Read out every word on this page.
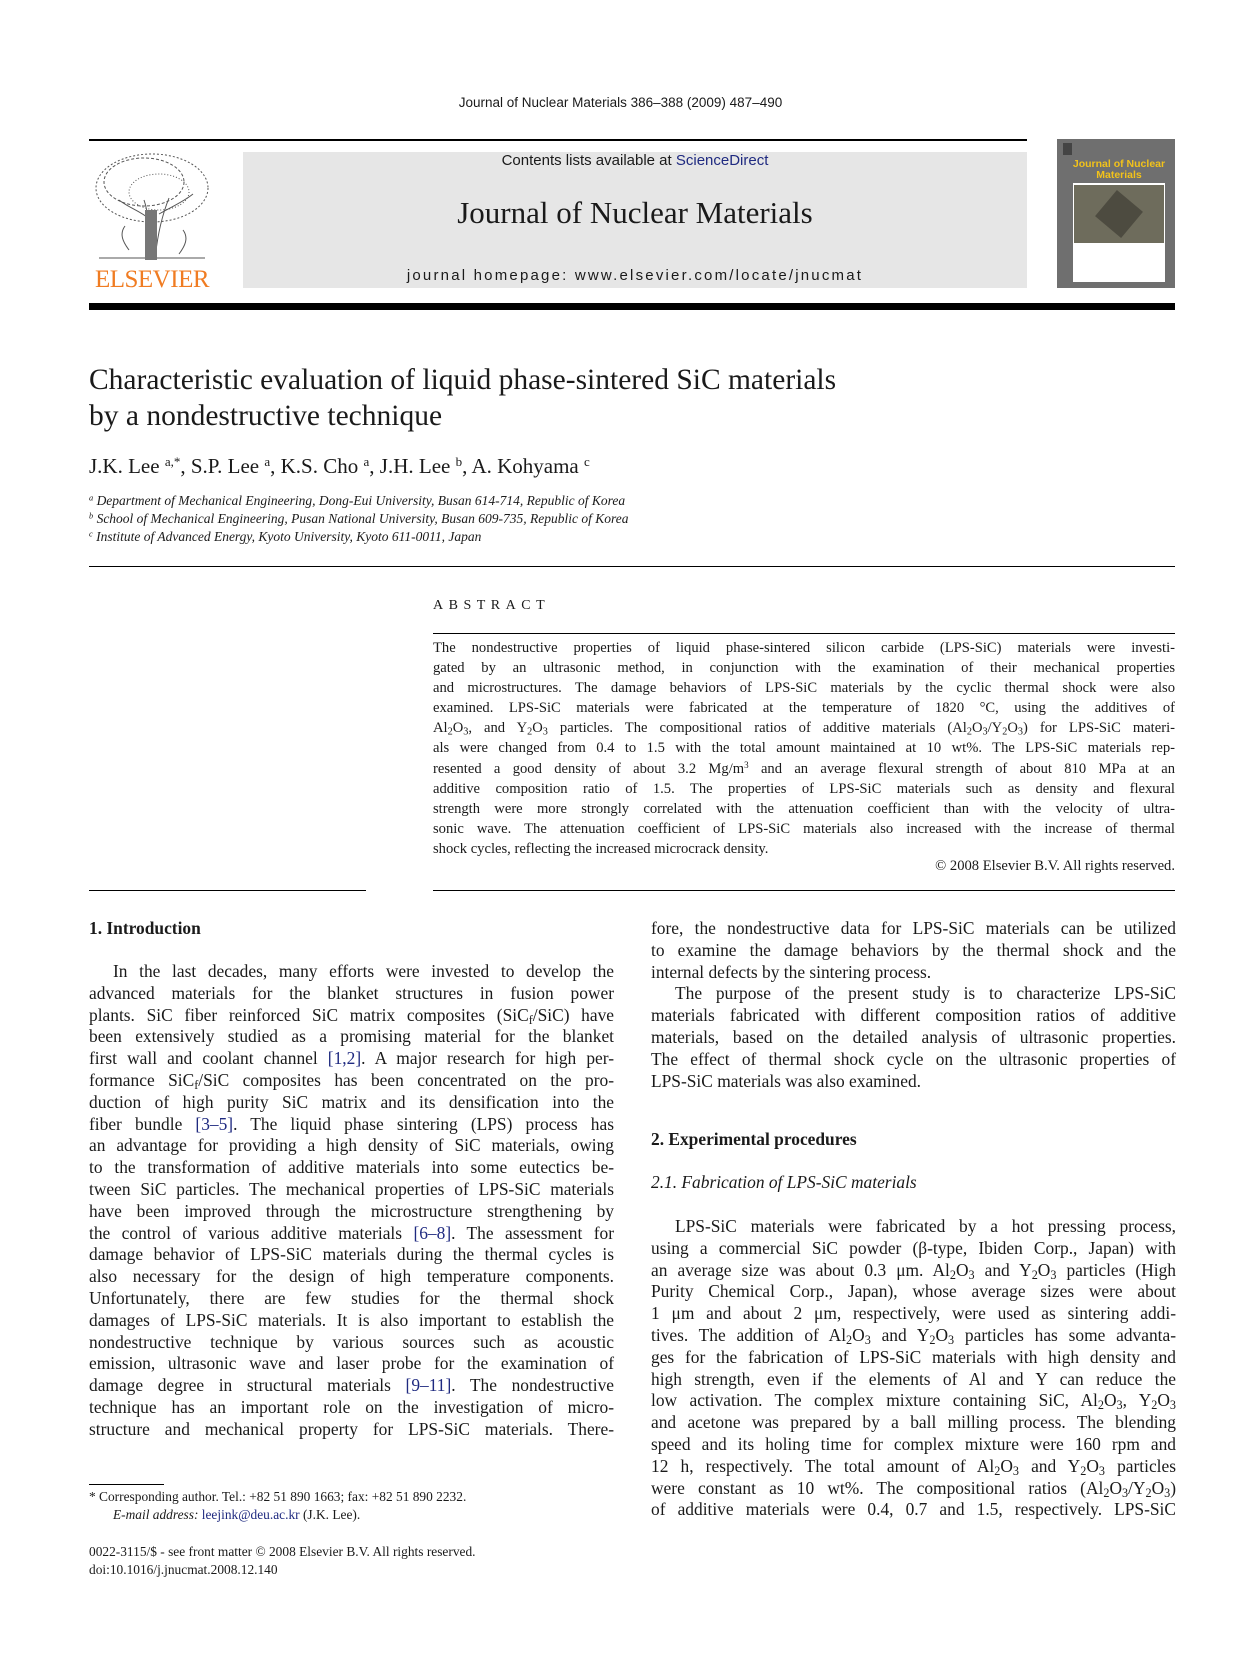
Journal of Nuclear Materials 386–388 (2009) 487–490
ELSEVIER
Contents lists available at ScienceDirect
Journal of Nuclear Materials
journal homepage: www.elsevier.com/locate/jnucmat
Journal of Nuclear Materials
Characteristic evaluation of liquid phase-sintered SiC materials
by a nondestructive technique
J.K. Lee $^{a,*}$, S.P. Lee $^a$, K.S. Cho $^a$, J.H. Lee $^b$, A. Kohyama $^c$
$^a$ Department of Mechanical Engineering, Dong-Eui University, Busan 614-714, Republic of Korea
$^b$ School of Mechanical Engineering, Pusan National University, Busan 609-735, Republic of Korea
$^c$ Institute of Advanced Energy, Kyoto University, Kyoto 611-0011, Japan
ABSTRACT
The nondestructive properties of liquid phase-sintered silicon carbide (LPS-SiC) materials were investi-
gated by an ultrasonic method, in conjunction with the examination of their mechanical properties
and microstructures. The damage behaviors of LPS-SiC materials by the cyclic thermal shock were also
examined. LPS-SiC materials were fabricated at the temperature of 1820 °C, using the additives of
$Al_2O_3$, and $Y_2O_3$ particles. The compositional ratios of additive materials $(Al_2O_3/Y_2O_3)$ for LPS-SiC materi-
als were changed from 0.4 to 1.5 with the total amount maintained at 10 wt%. The LPS-SiC materials rep-
resented a good density of about 3.2 $Mg/m^3$ and an average flexural strength of about 810 MPa at an
additive composition ratio of 1.5. The properties of LPS-SiC materials such as density and flexural
strength were more strongly correlated with the attenuation coefficient than with the velocity of ultra-
sonic wave. The attenuation coefficient of LPS-SiC materials also increased with the increase of thermal
shock cycles, reflecting the increased microcrack density.
© 2008 Elsevier B.V. All rights reserved.
1. Introduction
In the last decades, many efforts were invested to develop the
advanced materials for the blanket structures in fusion power
plants. SiC fiber reinforced SiC matrix composites (SiC$_f$/SiC) have
been extensively studied as a promising material for the blanket
first wall and coolant channel [1,2]. A major research for high per-
formance SiC$_f$/SiC composites has been concentrated on the pro-
duction of high purity SiC matrix and its densification into the
fiber bundle [3–5]. The liquid phase sintering (LPS) process has
an advantage for providing a high density of SiC materials, owing
to the transformation of additive materials into some eutectics be-
tween SiC particles. The mechanical properties of LPS-SiC materials
have been improved through the microstructure strengthening by
the control of various additive materials [6–8]. The assessment for
damage behavior of LPS-SiC materials during the thermal cycles is
also necessary for the design of high temperature components.
Unfortunately, there are few studies for the thermal shock
damages of LPS-SiC materials. It is also important to establish the
nondestructive technique by various sources such as acoustic
emission, ultrasonic wave and laser probe for the examination of
damage degree in structural materials [9–11]. The nondestructive
technique has an important role on the investigation of micro-
structure and mechanical property for LPS-SiC materials. There-
fore, the nondestructive data for LPS-SiC materials can be utilized
to examine the damage behaviors by the thermal shock and the
internal defects by the sintering process.
The purpose of the present study is to characterize LPS-SiC
materials fabricated with different composition ratios of additive
materials, based on the detailed analysis of ultrasonic properties.
The effect of thermal shock cycle on the ultrasonic properties of
LPS-SiC materials was also examined.
2. Experimental procedures
2.1. Fabrication of LPS-SiC materials
LPS-SiC materials were fabricated by a hot pressing process,
using a commercial SiC powder (β-type, Ibiden Corp., Japan) with
an average size was about 0.3 μm. $Al_2O_3$ and $Y_2O_3$ particles (High
Purity Chemical Corp., Japan), whose average sizes were about
1 μm and about 2 μm, respectively, were used as sintering addi-
tives. The addition of $Al_2O_3$ and $Y_2O_3$ particles has some advanta-
ges for the fabrication of LPS-SiC materials with high density and
high strength, even if the elements of Al and Y can reduce the
low activation. The complex mixture containing SiC, $Al_2O_3$, $Y_2O_3$
and acetone was prepared by a ball milling process. The blending
speed and its holing time for complex mixture were 160 rpm and
12 h, respectively. The total amount of $Al_2O_3$ and $Y_2O_3$ particles
were constant as 10 wt%. The compositional ratios $(Al_2O_3/Y_2O_3)$
of additive materials were 0.4, 0.7 and 1.5, respectively. LPS-SiC
* Corresponding author. Tel.: +82 51 890 1663; fax: +82 51 890 2232.
E-mail address: leejink@deu.ac.kr (J.K. Lee).
0022-3115/$ - see front matter © 2008 Elsevier B.V. All rights reserved.
doi:10.1016/j.jnucmat.2008.12.140
